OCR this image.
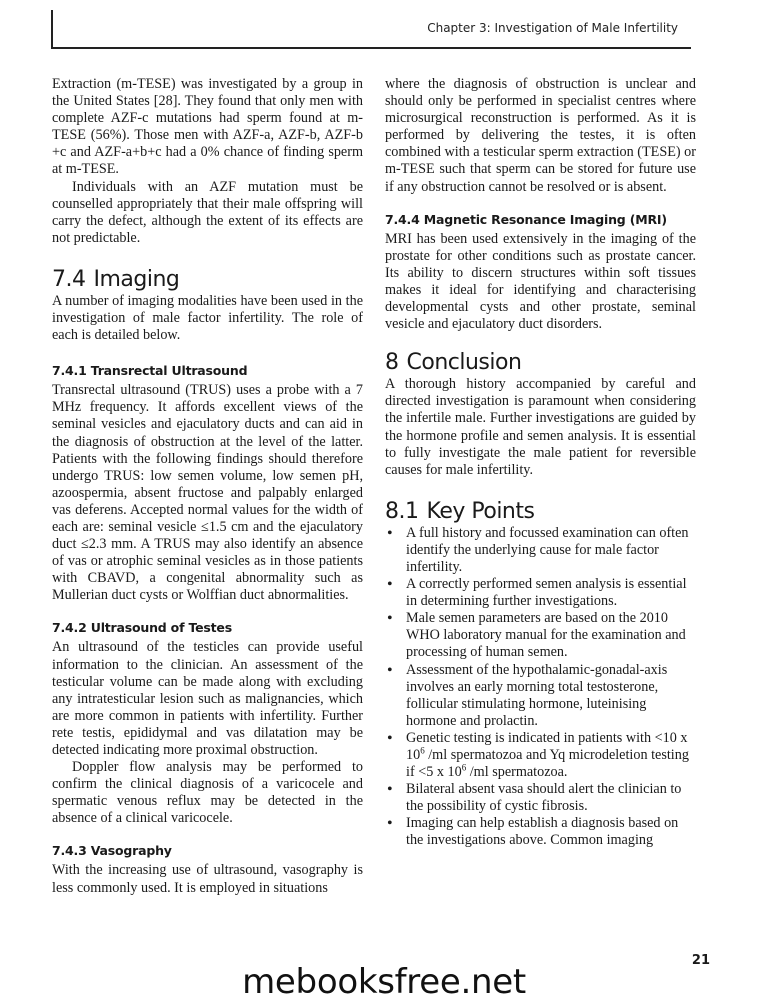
Chapter 3: Investigation of Male Infertility

Extraction (m-TESE) was investigated by a group in the United States [28]. They found that only men with complete AZF-c mutations had sperm found at m-TESE (56%). Those men with AZF-a, AZF-b, AZF-b +c and AZF-a+b+c had a 0% chance of finding sperm at m-TESE.

Individuals with an AZF mutation must be counselled appropriately that their male offspring will carry the defect, although the extent of its effects are not predictable.

7.4 Imaging

A number of imaging modalities have been used in the investigation of male factor infertility. The role of each is detailed below.

7.4.1 Transrectal Ultrasound

Transrectal ultrasound (TRUS) uses a probe with a 7 MHz frequency. It affords excellent views of the seminal vesicles and ejaculatory ducts and can aid in the diagnosis of obstruction at the level of the latter. Patients with the following findings should therefore undergo TRUS: low semen volume, low semen pH, azoospermia, absent fructose and palpably enlarged vas deferens. Accepted normal values for the width of each are: seminal vesicle ≤1.5 cm and the ejaculatory duct ≤2.3 mm. A TRUS may also identify an absence of vas or atrophic seminal vesicles as in those patients with CBAVD, a congenital abnormality such as Mullerian duct cysts or Wolffian duct abnormalities.

7.4.2 Ultrasound of Testes

An ultrasound of the testicles can provide useful information to the clinician. An assessment of the testicular volume can be made along with excluding any intratesticular lesion such as malignancies, which are more common in patients with infertility. Further rete testis, epididymal and vas dilatation may be detected indicating more proximal obstruction.

Doppler flow analysis may be performed to confirm the clinical diagnosis of a varicocele and spermatic venous reflux may be detected in the absence of a clinical varicocele.

7.4.3 Vasography

With the increasing use of ultrasound, vasography is less commonly used. It is employed in situations

where the diagnosis of obstruction is unclear and should only be performed in specialist centres where microsurgical reconstruction is performed. As it is performed by delivering the testes, it is often combined with a testicular sperm extraction (TESE) or m-TESE such that sperm can be stored for future use if any obstruction cannot be resolved or is absent.

7.4.4 Magnetic Resonance Imaging (MRI)

MRI has been used extensively in the imaging of the prostate for other conditions such as prostate cancer. Its ability to discern structures within soft tissues makes it ideal for identifying and characterising developmental cysts and other prostate, seminal vesicle and ejaculatory duct disorders.

8 Conclusion

A thorough history accompanied by careful and directed investigation is paramount when considering the infertile male. Further investigations are guided by the hormone profile and semen analysis. It is essential to fully investigate the male patient for reversible causes for male infertility.

8.1 Key Points
• A full history and focussed examination can often identify the underlying cause for male factor infertility.
• A correctly performed semen analysis is essential in determining further investigations.
• Male semen parameters are based on the 2010 WHO laboratory manual for the examination and processing of human semen.
• Assessment of the hypothalamic-gonadal-axis involves an early morning total testosterone, follicular stimulating hormone, luteinising hormone and prolactin.
• Genetic testing is indicated in patients with <10 x $10^6$ /ml spermatozoa and Yq microdeletion testing if <5 x $10^6$ /ml spermatozoa.
• Bilateral absent vasa should alert the clinician to the possibility of cystic fibrosis.
• Imaging can help establish a diagnosis based on the investigations above. Common imaging
21
mebooksfree.net
